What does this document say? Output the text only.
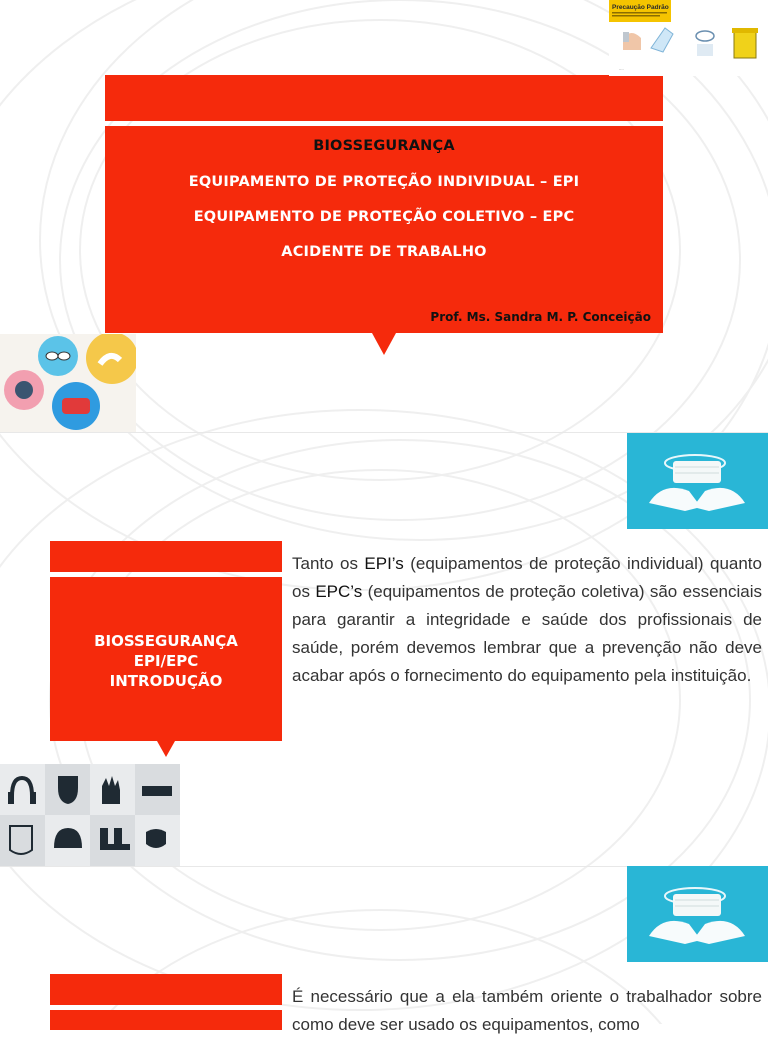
BIOSSEGURANÇA
EQUIPAMENTO DE PROTEÇÃO INDIVIDUAL – EPI
EQUIPAMENTO DE PROTEÇÃO COLETIVO – EPC
ACIDENTE DE TRABALHO
Prof. Ms. Sandra M. P. Conceição
Precaução Padrão
····
BIOSSEGURANÇA
EPI/EPC
INTRODUÇÃO

Tanto os EPI’s (equipamentos de proteção individual) quanto os EPC’s (equipamentos de proteção coletiva) são essenciais para garantir a integridade e saúde dos profissionais de saúde, porém devemos lembrar que a prevenção não deve acabar após o fornecimento do equipamento pela instituição.

É necessário que a ela também oriente o trabalhador sobre como deve ser usado os equipamentos, como
